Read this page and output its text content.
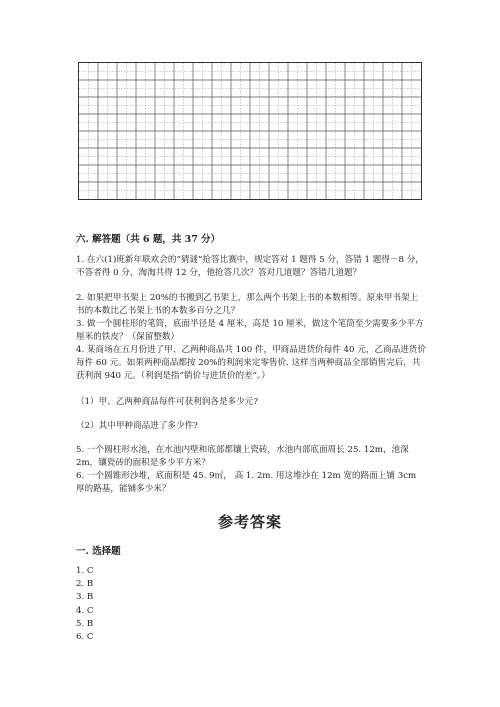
六. 解答题（共 6 题，共 37 分）

1. 在六(1)班新年联欢会的“猜谜”抢答比赛中，规定答对 1 题得 5 分，答错 1 题得－8 分，不答者得 0 分，淘淘共得 12 分，他抢答几次？答对几道题？答错几道题？

2. 如果把甲书架上 20%的书搬到乙书架上，那么两个书架上书的本数相等。原来甲书架上书的本数比乙书架上书的本数多百分之几？

3. 做一个圆柱形的笔筒，底面半径是 4 厘米，高是 10 厘米，做这个笔筒至少需要多少平方厘米的铁皮？（保留整数）

4. 某商场在五月份进了甲、乙两种商品共 100 件，甲商品进货价每件 40 元，乙商品进货价每件 60 元。如果两种商品都按 20%的利润来定零售价. 这样当两种商品全部销售完后，共获利润 940 元。（利润是指“销价与进货价的差”。）

（1）甲、乙两种商品每件可获利润各是多少元?

（2）其中甲种商品进了多少件?

5. 一个圆柱形水池，在水池内壁和底部都镶上瓷砖，水池内部底面周长 25. 12m，池深 2m，镶瓷砖的面积是多少平方米？

6. 一个圆锥形沙堆，底面积是 45. 9㎡， 高 1. 2m. 用这堆沙在 12m 宽的路面上铺 3cm 厚的路基，能铺多少米？

参考答案
一. 选择题
1. C
2. B
3. B
4. C
5. B
6. C
